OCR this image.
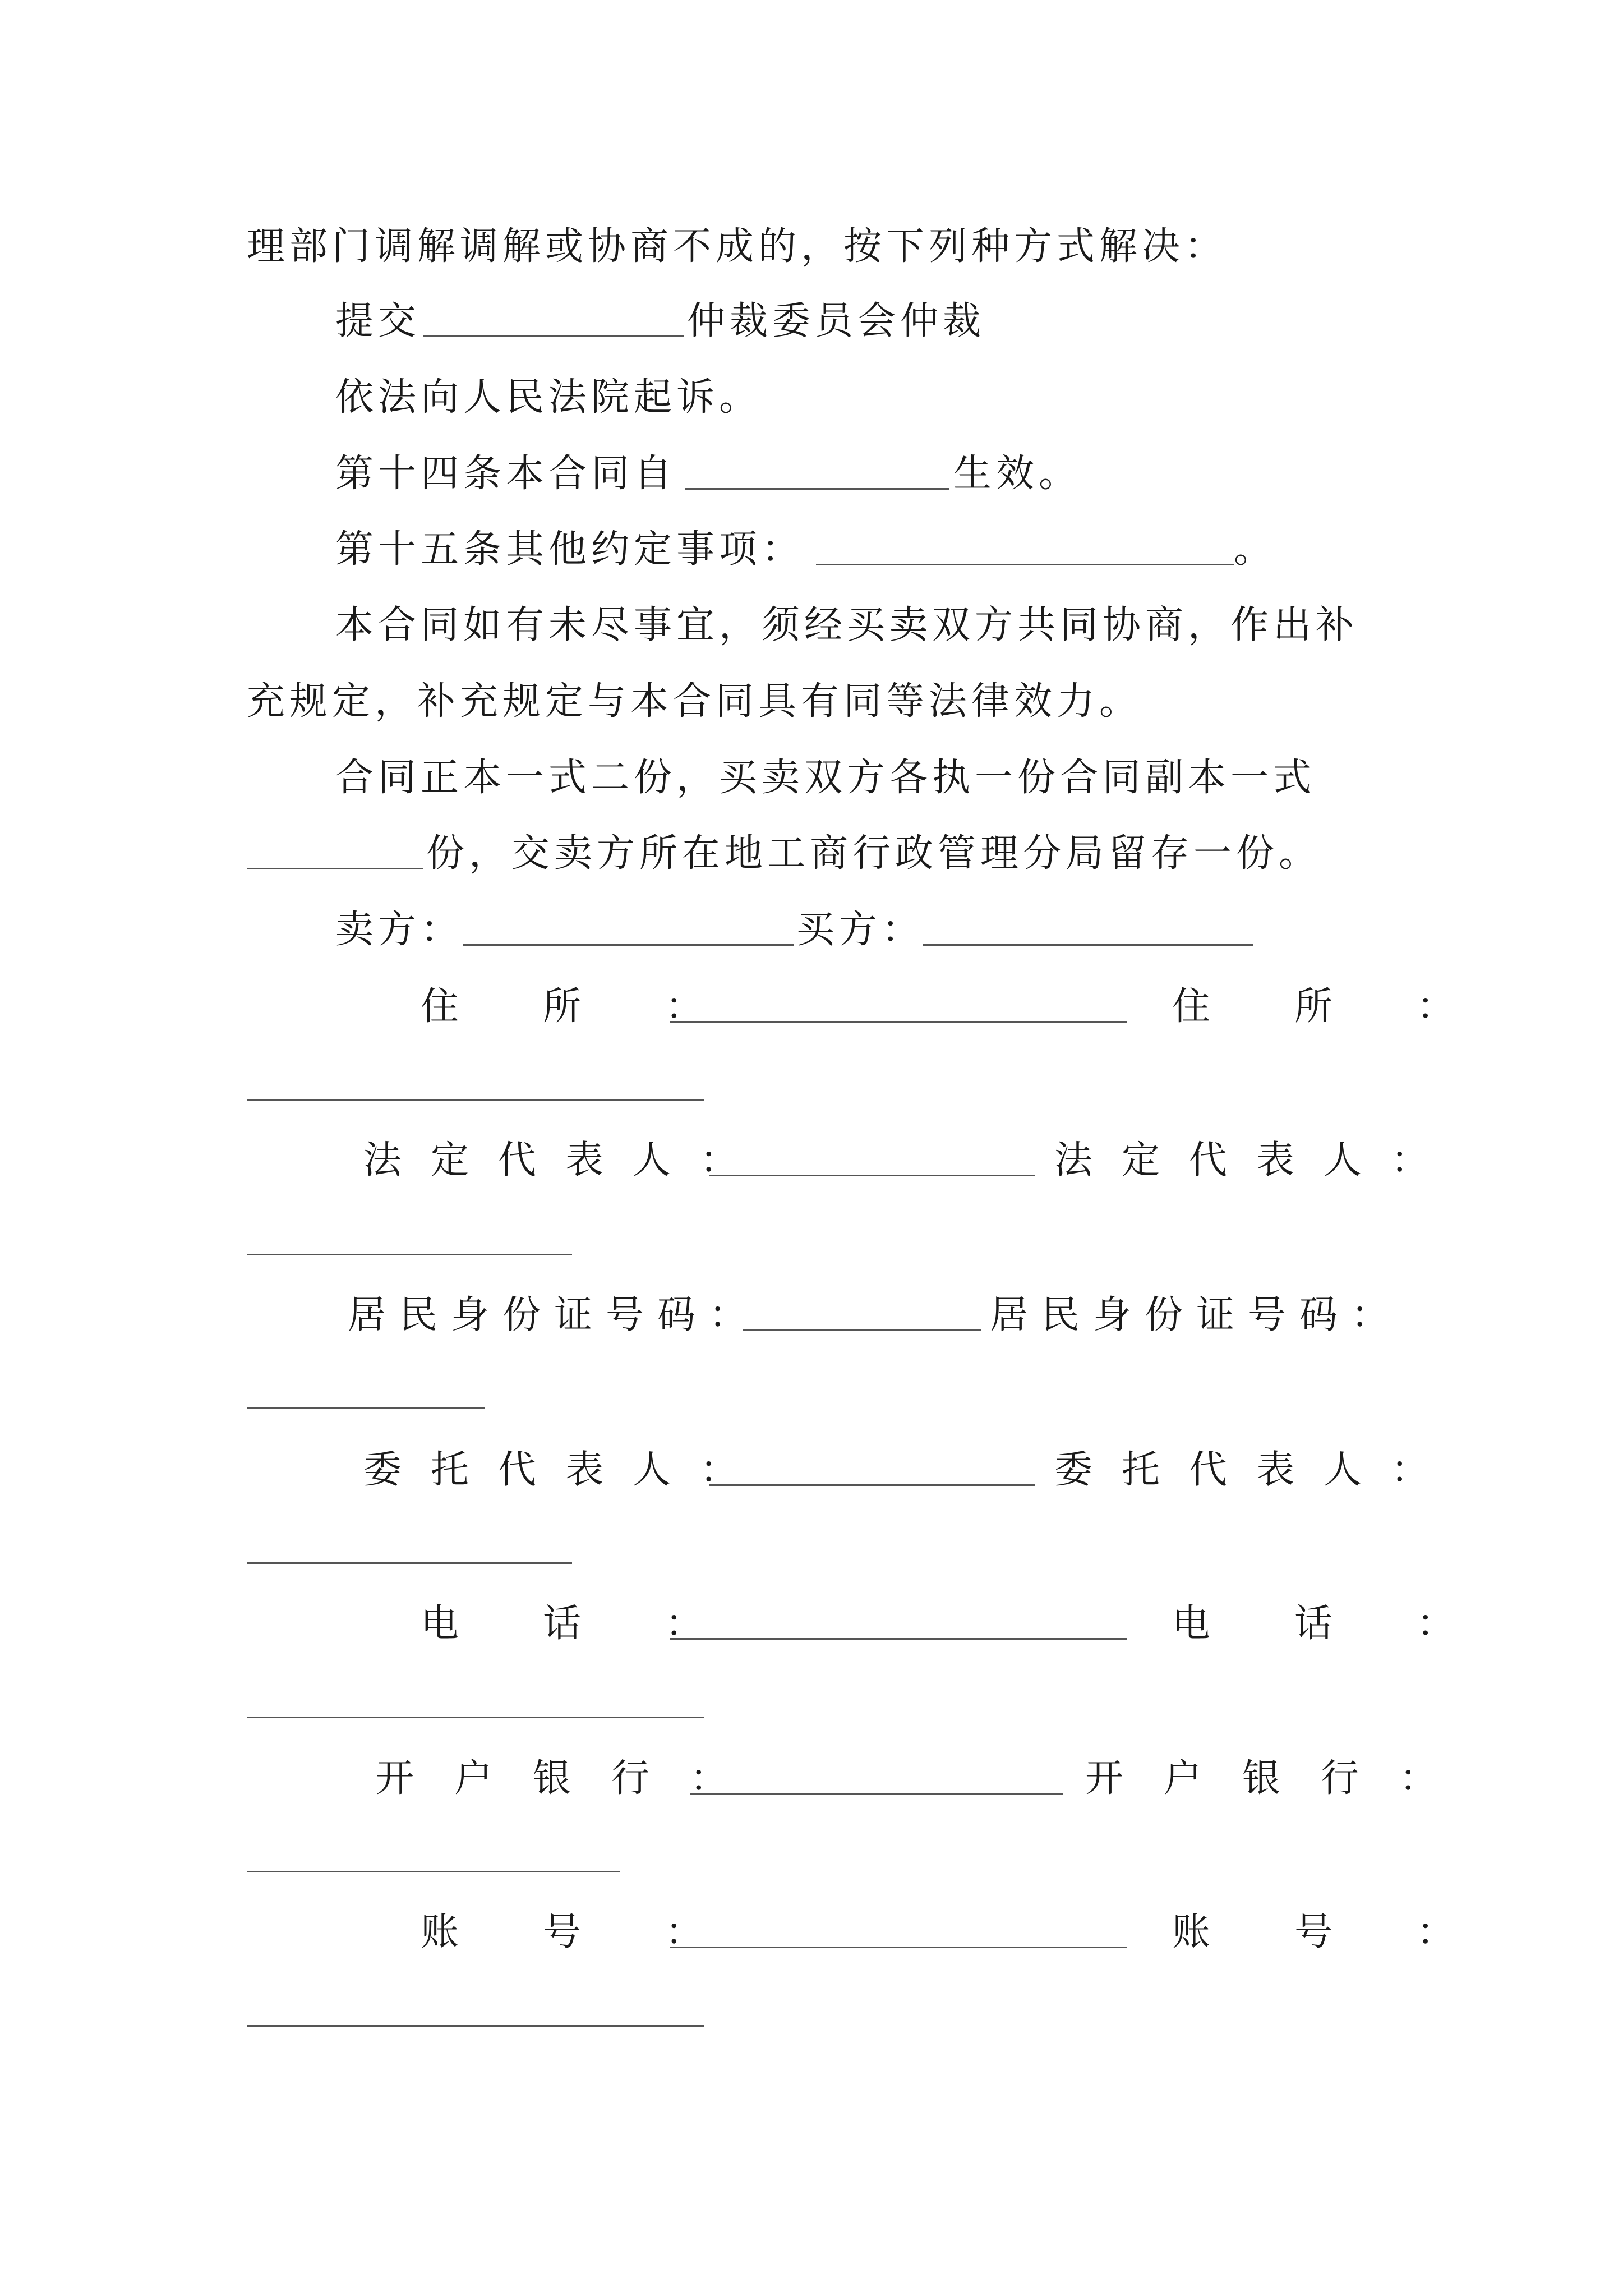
理部门调解调解或协商不成的，按下列种方式解决：
提交	仲裁委员会仲裁
依法向人民法院起诉。
第十四条本合同自	生效。
第十五条其他约定事项：	。
本合同如有未尽事宜，须经买卖双方共同协商，作出补
充规定，补充规定与本合同具有同等法律效力。
合同正本一式二份，买卖双方各执一份合同副本一式
份，交卖方所在地工商行政管理分局留存一份。
卖方：	买方：
住所：	住所：
法定代表人：	法定代表人：
居民身份证号码：	居民身份证号码：
委托代表人：	委托代表人：
电话：	电话：
开户银行：	开户银行：
账号：	账号：
